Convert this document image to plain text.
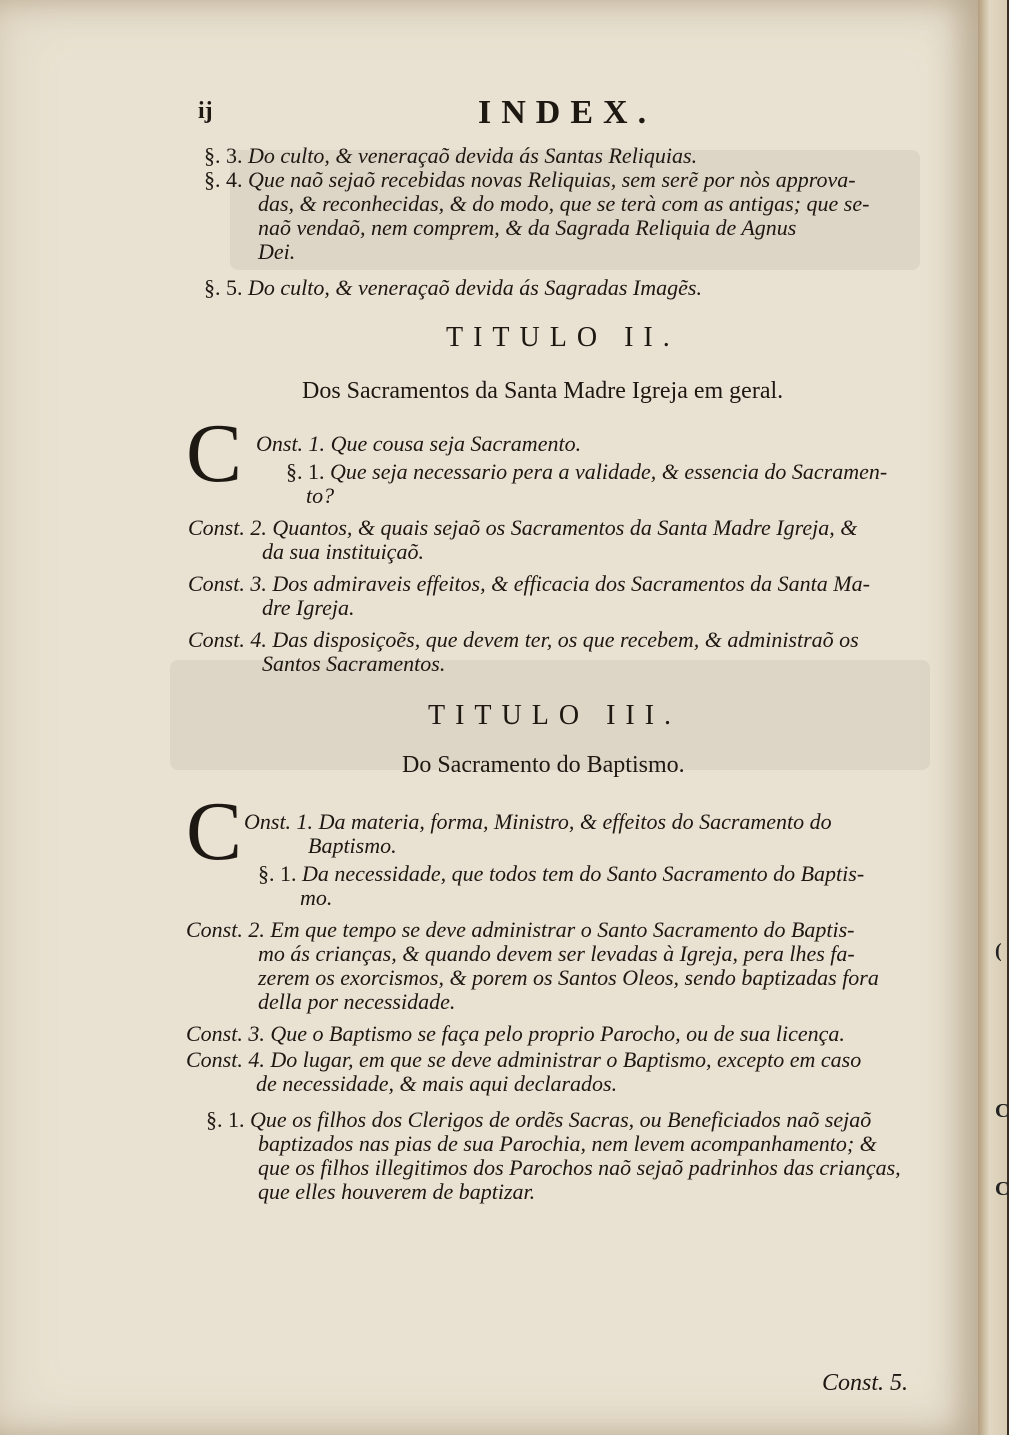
ij	INDEX.
§. 3. Do culto, & veneraçaõ devida ás Santas Reliquias.
§. 4. Que naõ sejaõ recebidas novas Reliquias, sem serẽ por nòs approva-
das, & reconhecidas, & do modo, que se terà com as antigas; que se-
naõ vendaõ, nem comprem, & da Sagrada Reliquia de Agnus
Dei.
§. 5. Do culto, & veneraçaõ devida ás Sagradas Imagẽs.
TITULO II.
Dos Sacramentos da Santa Madre Igreja em geral.
C Onst. 1. Que cousa seja Sacramento.
§. 1. Que seja necessario pera a validade, & essencia do Sacramen-
to?
Const. 2. Quantos, & quais sejaõ os Sacramentos da Santa Madre Igreja, &
da sua instituiçaõ.
Const. 3. Dos admiraveis effeitos, & efficacia dos Sacramentos da Santa Ma-
dre Igreja.
Const. 4. Das disposiçoẽs, que devem ter, os que recebem, & administraõ os
Santos Sacramentos.
TITULO III.
Do Sacramento do Baptismo.
C Onst. 1. Da materia, forma, Ministro, & effeitos do Sacramento do
Baptismo.
§. 1. Da necessidade, que todos tem do Santo Sacramento do Baptis-
mo.
Const. 2. Em que tempo se deve administrar o Santo Sacramento do Baptis-
mo ás crianças, & quando devem ser levadas à Igreja, pera lhes fa-
zerem os exorcismos, & porem os Santos Oleos, sendo baptizadas fora
della por necessidade.
Const. 3. Que o Baptismo se faça pelo proprio Parocho, ou de sua licença.
Const. 4. Do lugar, em que se deve administrar o Baptismo, excepto em caso
de necessidade, & mais aqui declarados.
§. 1. Que os filhos dos Clerigos de ordẽs Sacras, ou Beneficiados naõ sejaõ
baptizados nas pias de sua Parochia, nem levem acompanhamento; &
que os filhos illegitimos dos Parochos naõ sejaõ padrinhos das crianças,
que elles houverem de baptizar.
Const. 5.
(
C
C
